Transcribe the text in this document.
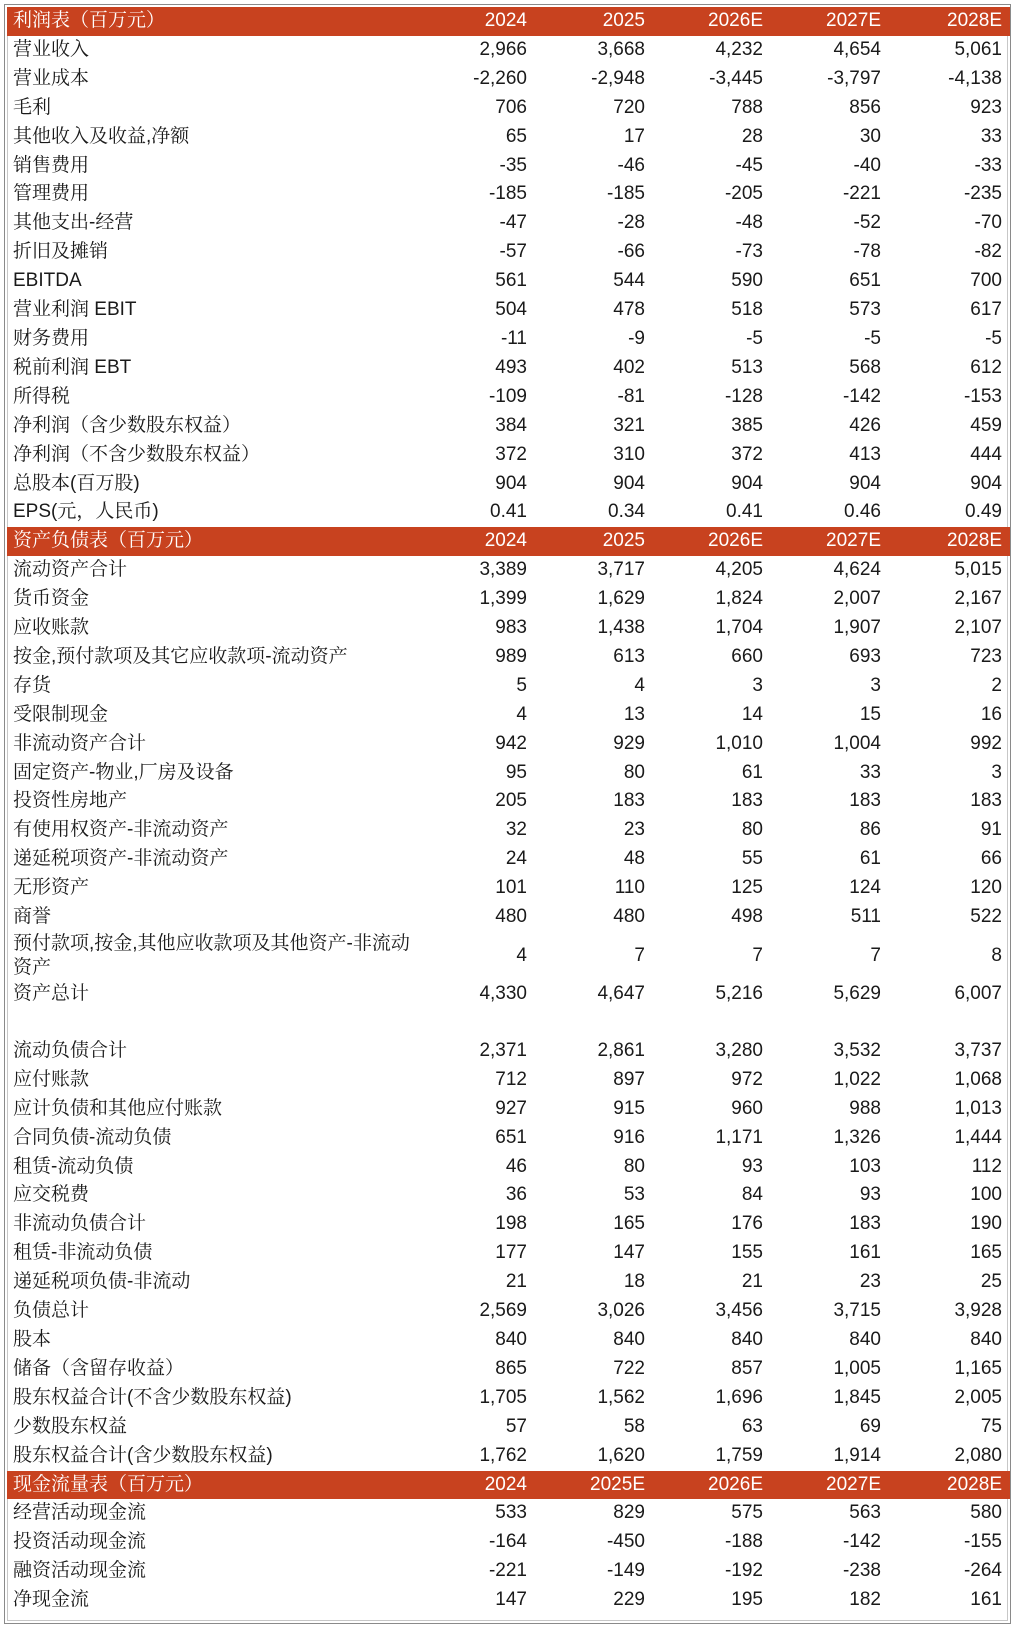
利润表（百万元）	2024	2025	2026E	2027E	2028E
营业收入	2,966	3,668	4,232	4,654	5,061
营业成本	-2,260	-2,948	-3,445	-3,797	-4,138
毛利	706	720	788	856	923
其他收入及收益,净额	65	17	28	30	33
销售费用	-35	-46	-45	-40	-33
管理费用	-185	-185	-205	-221	-235
其他支出-经营	-47	-28	-48	-52	-70
折旧及摊销	-57	-66	-73	-78	-82
EBITDA	561	544	590	651	700
营业利润 EBIT	504	478	518	573	617
财务费用	-11	-9	-5	-5	-5
税前利润 EBT	493	402	513	568	612
所得税	-109	-81	-128	-142	-153
净利润（含少数股东权益）	384	321	385	426	459
净利润（不含少数股东权益）	372	310	372	413	444
总股本(百万股)	904	904	904	904	904
EPS(元，人民币)	0.41	0.34	0.41	0.46	0.49
资产负债表（百万元）	2024	2025	2026E	2027E	2028E
流动资产合计	3,389	3,717	4,205	4,624	5,015
货币资金	1,399	1,629	1,824	2,007	2,167
应收账款	983	1,438	1,704	1,907	2,107
按金,预付款项及其它应收款项-流动资产	989	613	660	693	723
存货	5	4	3	3	2
受限制现金	4	13	14	15	16
非流动资产合计	942	929	1,010	1,004	992
固定资产-物业,厂房及设备	95	80	61	33	3
投资性房地产	205	183	183	183	183
有使用权资产-非流动资产	32	23	80	86	91
递延税项资产-非流动资产	24	48	55	61	66
无形资产	101	110	125	124	120
商誉	480	480	498	511	522
预付款项,按金,其他应收款项及其他资产-非流动资产	4	7	7	7	8
资产总计	4,330	4,647	5,216	5,629	6,007

流动负债合计	2,371	2,861	3,280	3,532	3,737
应付账款	712	897	972	1,022	1,068
应计负债和其他应付账款	927	915	960	988	1,013
合同负债-流动负债	651	916	1,171	1,326	1,444
租赁-流动负债	46	80	93	103	112
应交税费	36	53	84	93	100
非流动负债合计	198	165	176	183	190
租赁-非流动负债	177	147	155	161	165
递延税项负债-非流动	21	18	21	23	25
负债总计	2,569	3,026	3,456	3,715	3,928
股本	840	840	840	840	840
储备（含留存收益）	865	722	857	1,005	1,165
股东权益合计(不含少数股东权益)	1,705	1,562	1,696	1,845	2,005
少数股东权益	57	58	63	69	75
股东权益合计(含少数股东权益)	1,762	1,620	1,759	1,914	2,080
现金流量表（百万元）	2024	2025E	2026E	2027E	2028E
经营活动现金流	533	829	575	563	580
投资活动现金流	-164	-450	-188	-142	-155
融资活动现金流	-221	-149	-192	-238	-264
净现金流	147	229	195	182	161
